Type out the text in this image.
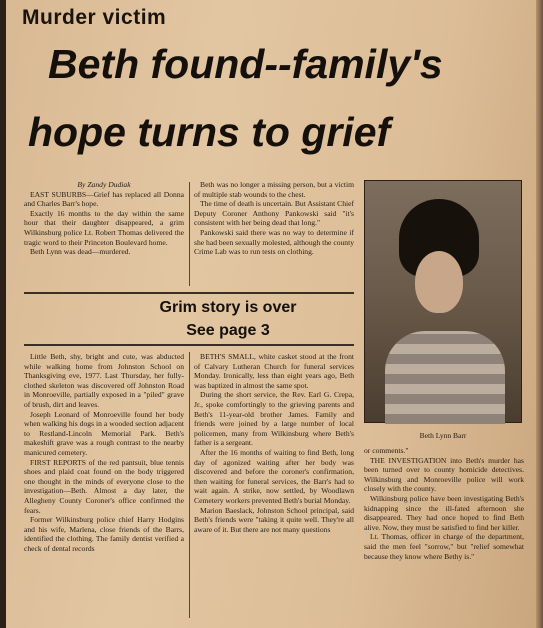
Murder victim
Beth found--family's
hope turns to grief

By Zandy Dudiak

EAST SUBURBS—Grief has replaced all Donna and Charles Barr's hope.

Exactly 16 months to the day within the same hour that their daughter disappeared, a grim Wilkinsburg police Lt. Robert Thomas delivered the tragic word to their Princeton Boulevard home.

Beth Lynn was dead—murdered.

Beth was no longer a missing person, but a victim of multiple stab wounds to the chest.

The time of death is uncertain. But Assistant Chief Deputy Coroner Anthony Pankowski said "it's consistent with her being dead that long."

Pankowski said there was no way to determine if she had been sexually molested, although the county Crime Lab was to run tests on clothing.

Grim story is over
See page 3

Little Beth, shy, bright and cute, was abducted while walking home from Johnston School on Thanksgiving eve, 1977. Last Thursday, her fully-clothed skeleton was discovered off Johnston Road in Monroeville, partially exposed in a "piled" grave of brush, dirt and leaves.

Joseph Leonard of Monroeville found her body when walking his dogs in a wooded section adjacent to Restland-Lincoln Memorial Park. Beth's makeshift grave was a rough contrast to the nearby manicured cemetery.

FIRST REPORTS of the red pantsuit, blue tennis shoes and plaid coat found on the body triggered one thought in the minds of everyone close to the investigation—Beth. Almost a day later, the Allegheny County Coroner's office confirmed the fears.

Former Wilkinsburg police chief Harry Hodgins and his wife, Marlena, close friends of the Barrs, identified the clothing. The family dentist verified a check of dental records

BETH'S SMALL, white casket stood at the front of Calvary Lutheran Church for funeral services Monday. Ironically, less than eight years ago, Beth was baptized in almost the same spot.

During the short service, the Rev. Earl G. Crepa, Jr., spoke comfortingly to the grieving parents and Beth's 11-year-old brother James. Family and friends were joined by a large number of local policemen, many from Wilkinsburg where Beth's father is a sergeant.

After the 16 months of waiting to find Beth, long day of agonized waiting after her body was discovered and before the coroner's confirmation, then waiting for funeral services, the Barr's had to wait again. A strike, now settled, by Woodlawn Cemetery workers prevented Beth's burial Monday.

Marion Baeslack, Johnston School principal, said Beth's friends were "taking it quite well. They're all aware of it. But there are not many questions

Beth Lynn Barr

or comments."

THE INVESTIGATION into Beth's murder has been turned over to county homicide detectives. Wilkinsburg and Monroeville police will work closely with the county.

Wilkinsburg police have been investigating Beth's kidnapping since the ill-fated afternoon she disappeared. They had once hoped to find Beth alive. Now, they must be satisfied to find her killer.

Lt. Thomas, officer in charge of the department, said the men feel "sorrow," but "relief somewhat because they know where Bethy is."
